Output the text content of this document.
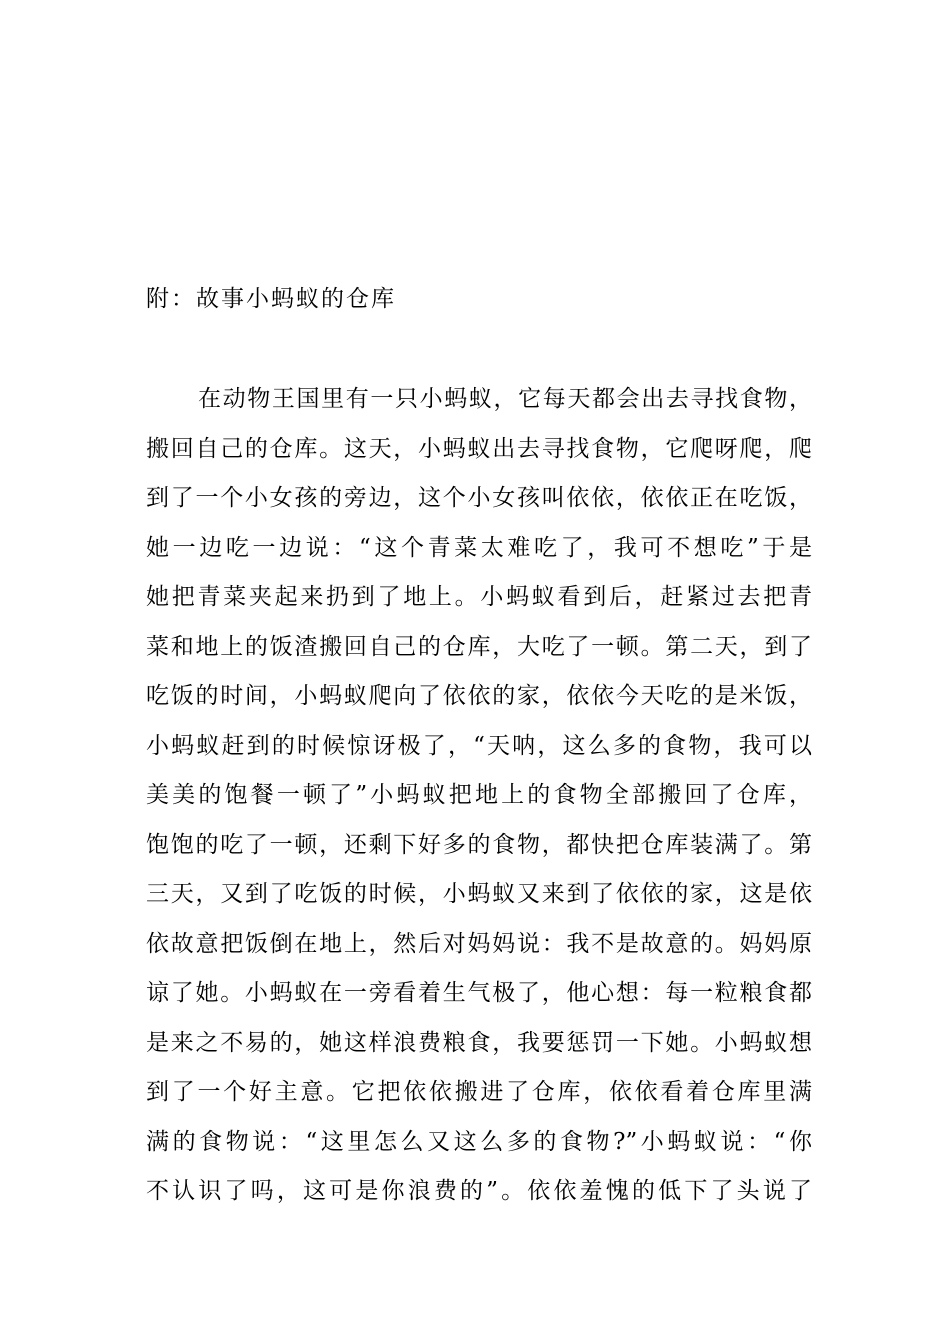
附：故事小蚂蚁的仓库
在动物王国里有一只小蚂蚁，它每天都会出去寻找食物，
搬回自己的仓库。这天，小蚂蚁出去寻找食物，它爬呀爬，爬
到了一个小女孩的旁边，这个小女孩叫依依，依依正在吃饭，
她一边吃一边说：“这个青菜太难吃了，我可不想吃”于是
她把青菜夹起来扔到了地上。小蚂蚁看到后，赶紧过去把青
菜和地上的饭渣搬回自己的仓库，大吃了一顿。第二天，到了
吃饭的时间，小蚂蚁爬向了依依的家，依依今天吃的是米饭，
小蚂蚁赶到的时候惊讶极了，“天呐，这么多的食物，我可以
美美的饱餐一顿了”小蚂蚁把地上的食物全部搬回了仓库，
饱饱的吃了一顿，还剩下好多的食物，都快把仓库装满了。第
三天，又到了吃饭的时候，小蚂蚁又来到了依依的家，这是依
依故意把饭倒在地上，然后对妈妈说：我不是故意的。妈妈原
谅了她。小蚂蚁在一旁看着生气极了，他心想：每一粒粮食都
是来之不易的，她这样浪费粮食，我要惩罚一下她。小蚂蚁想
到了一个好主意。它把依依搬进了仓库，依依看着仓库里满
满的食物说：“这里怎么又这么多的食物?”小蚂蚁说：“你
不认识了吗，这可是你浪费的”。依依羞愧的低下了头说了
